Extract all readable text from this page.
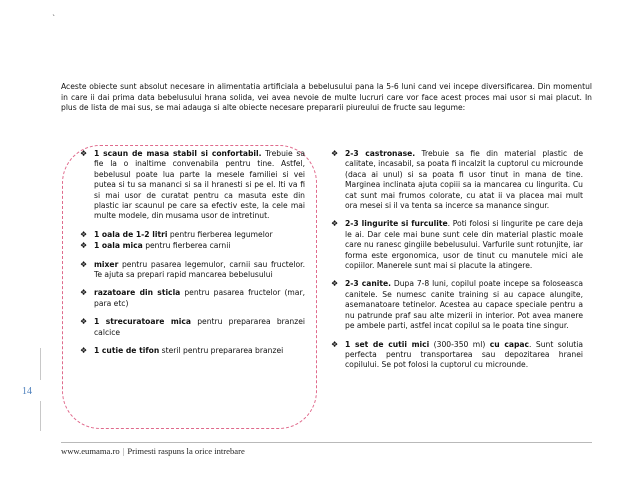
`

Aceste obiecte sunt absolut necesare in alimentatia artificiala a bebelusului pana la 5-6 luni cand vei incepe diversificarea. Din momentul in care ii dai prima data bebelusului hrana solida, vei avea nevoie de multe lucruri care vor face acest proces mai usor si mai placut. In plus de lista de mai sus, se mai adauga si alte obiecte necesare prepararii piureului de fructe sau legume:

14
❖ 1 scaun de masa stabil si confortabil. Trebuie sa fie la o inaltime convenabila pentru tine. Astfel, bebelusul poate lua parte la mesele familiei si vei putea si tu sa mananci si sa il hranesti si pe el. Iti va fi si mai usor de curatat pentru ca masuta este din plastic iar scaunul pe care sa efectiv este, la cele mai multe modele, din musama usor de intretinut.
❖ 1 oala de 1-2 litri pentru fierberea legumelor
❖ 1 oala mica pentru fierberea carnii
❖ mixer pentru pasarea legemulor, carnii sau fructelor. Te ajuta sa prepari rapid mancarea bebelusului
❖ razatoare din sticla pentru pasarea fructelor (mar, para etc)
❖ 1 strecuratoare mica pentru prepararea branzei calcice
❖ 1 cutie de tifon steril pentru prepararea branzei
❖ 2-3 castronase. Trebuie sa fie din material plastic de calitate, incasabil, sa poata fi incalzit la cuptorul cu microunde (daca ai unul) si sa poata fi usor tinut in mana de tine. Marginea inclinata ajuta copiii sa ia mancarea cu lingurita. Cu cat sunt mai frumos colorate, cu atat ii va placea mai mult ora mesei si il va tenta sa incerce sa manance singur.
❖ 2-3 lingurite si furculite. Poti folosi si lingurite pe care deja le ai. Dar cele mai bune sunt cele din material plastic moale care nu ranesc gingiile bebelusului. Varfurile sunt rotunjite, iar forma este ergonomica, usor de tinut cu manutele mici ale copiilor. Manerele sunt mai si placute la atingere.
❖ 2-3 canite. Dupa 7-8 luni, copilul poate incepe sa foloseasca canitele. Se numesc canite training si au capace alungite, asemanatoare tetinelor. Acestea au capace speciale pentru a nu patrunde praf sau alte mizerii in interior. Pot avea manere pe ambele parti, astfel incat copilul sa le poata tine singur.
❖ 1 set de cutii mici (300-350 ml) cu capac. Sunt solutia perfecta pentru transportarea sau depozitarea hranei copilului. Se pot folosi la cuptorul cu microunde.
www.eumama.ro | Primesti raspuns la orice intrebare
